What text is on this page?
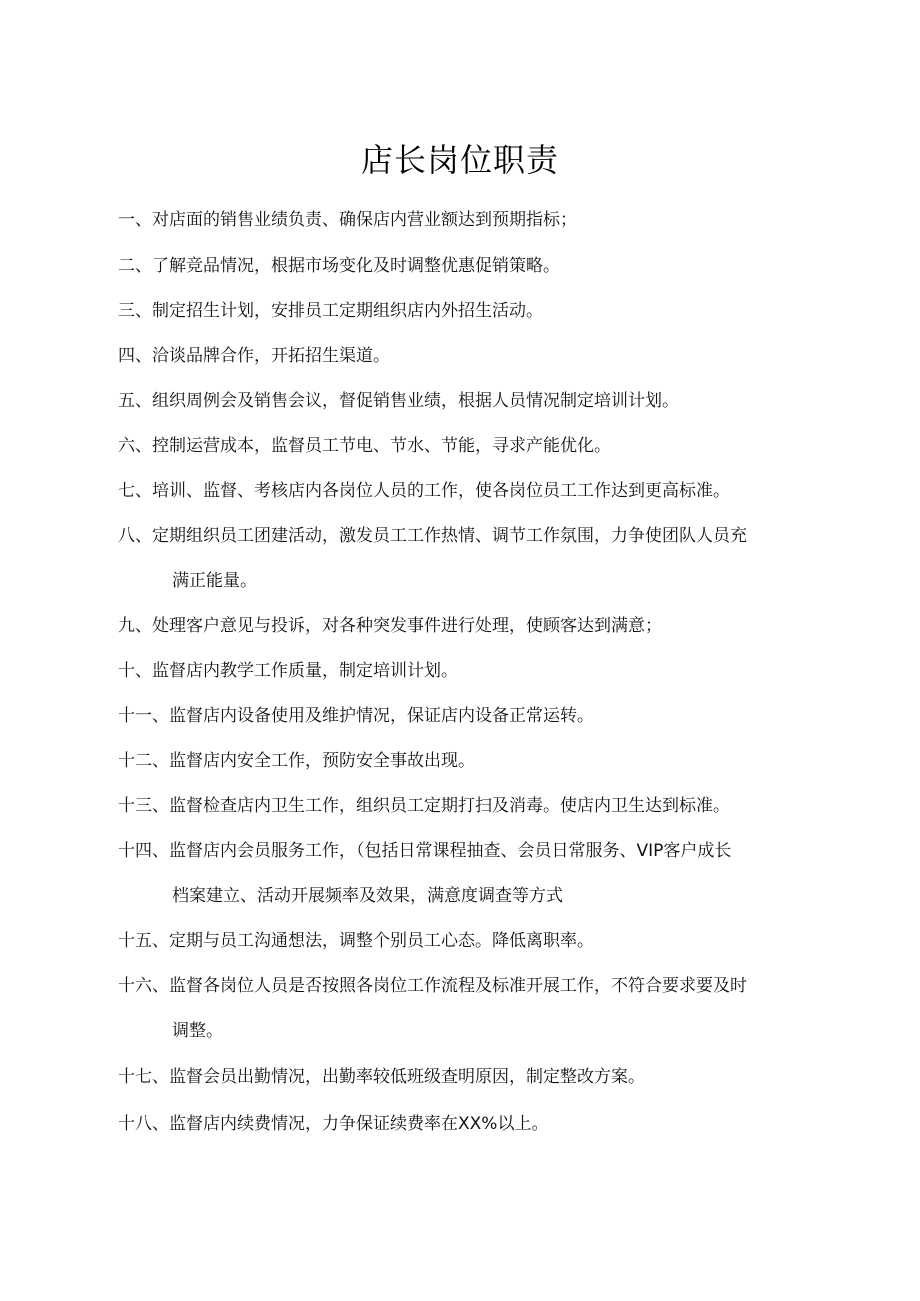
店长岗位职责
一、对店面的销售业绩负责、确保店内营业额达到预期指标；
二、了解竞品情况，根据市场变化及时调整优惠促销策略。
三、制定招生计划，安排员工定期组织店内外招生活动。
四、洽谈品牌合作，开拓招生渠道。
五、组织周例会及销售会议，督促销售业绩，根据人员情况制定培训计划。
六、控制运营成本，监督员工节电、节水、节能，寻求产能优化。
七、培训、监督、考核店内各岗位人员的工作，使各岗位员工工作达到更高标准。
八、定期组织员工团建活动，激发员工工作热情、调节工作氛围，力争使团队人员充
满正能量。
九、处理客户意见与投诉，对各种突发事件进行处理，使顾客达到满意；
十、监督店内教学工作质量，制定培训计划。
十一、监督店内设备使用及维护情况，保证店内设备正常运转。
十二、监督店内安全工作，预防安全事故出现。
十三、监督检查店内卫生工作，组织员工定期打扫及消毒。使店内卫生达到标准。
十四、监督店内会员服务工作，（包括日常课程抽查、会员日常服务、VIP客户成长
档案建立、活动开展频率及效果，满意度调查等方式
十五、定期与员工沟通想法，调整个别员工心态。降低离职率。
十六、监督各岗位人员是否按照各岗位工作流程及标准开展工作，不符合要求要及时
调整。
十七、监督会员出勤情况，出勤率较低班级查明原因，制定整改方案。
十八、监督店内续费情况，力争保证续费率在XX%以上。
